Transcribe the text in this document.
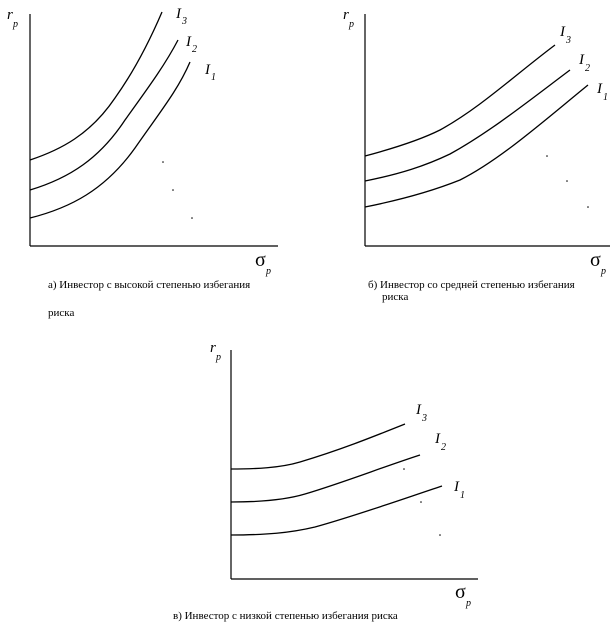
r
p
I 3
I 2
I 1
σ
p
а) Инвестор с высокой степенью избегания
риска
r
p	I
3
I
2
I
1
σ
p
б) Инвестор со средней степенью избегания
риска
r
p
I
3
I
2
I
1
σ
p
в) Инвестор с низкой степенью избегания риска
